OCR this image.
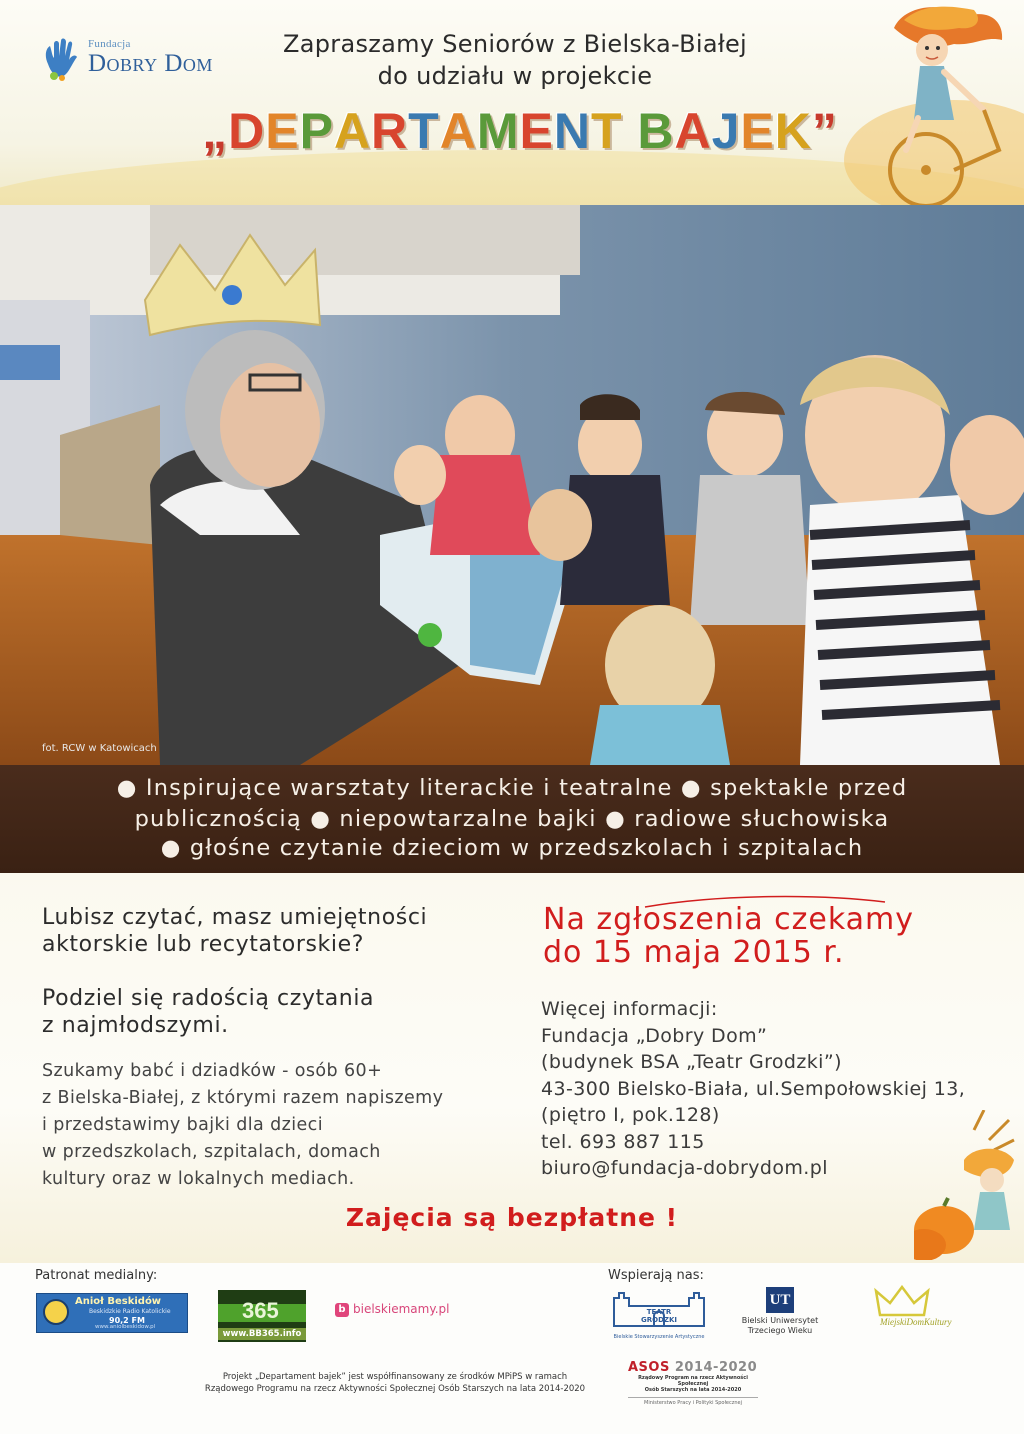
Fundacja
Dobry Dom
Zapraszamy Seniorów z Bielska-Białej
do udziału w projekcie
„DEPARTAMENT BAJEK”
fot. RCW w Katowicach
● Inspirujące warsztaty literackie i teatralne ● spektakle przed
publicznością ● niepowtarzalne bajki ● radiowe słuchowiska
● głośne czytanie dzieciom w przedszkolach i szpitalach
Lubisz czytać, masz umiejętności
aktorskie lub recytatorskie?
Podziel się radością czytania
z najmłodszymi.
Szukamy babć i dziadków - osób 60+
z Bielska-Białej, z którymi razem napiszemy
i przedstawimy bajki dla dzieci
w przedszkolach, szpitalach, domach
kultury oraz w lokalnych mediach.
Na zgłoszenia czekamy
do 15 maja 2015 r.
Więcej informacji:
Fundacja „Dobry Dom”
(budynek BSA „Teatr Grodzki”)
43-300 Bielsko-Biała, ul.Sempołowskiej 13,
(piętro I, pok.128)
tel. 693 887 115
biuro@fundacja-dobrydom.pl
Zajęcia są bezpłatne !
Patronat medialny:	Wspierają nas:
Anioł Beskidów
Beskidzkie Radio Katolickie
90,2 FM
www.aniolbeskidow.pl
365
www.BB365.info
b bielskiemamy.pl	TEATR
GRODZKI
Bielskie Stowarzyszenie Artystyczne
UT
Bielski Uniwersytet
Trzeciego Wieku
MiejskiDomKultury
Projekt „Departament bajek” jest współfinansowany ze środków MPiPS w ramach
Rządowego Programu na rzecz Aktywności Społecznej Osób Starszych na lata 2014-2020
ASOS 2014-2020
Rządowy Program na rzecz Aktywności Społecznej
Osób Starszych na lata 2014-2020
Ministerstwo Pracy i Polityki Społecznej
